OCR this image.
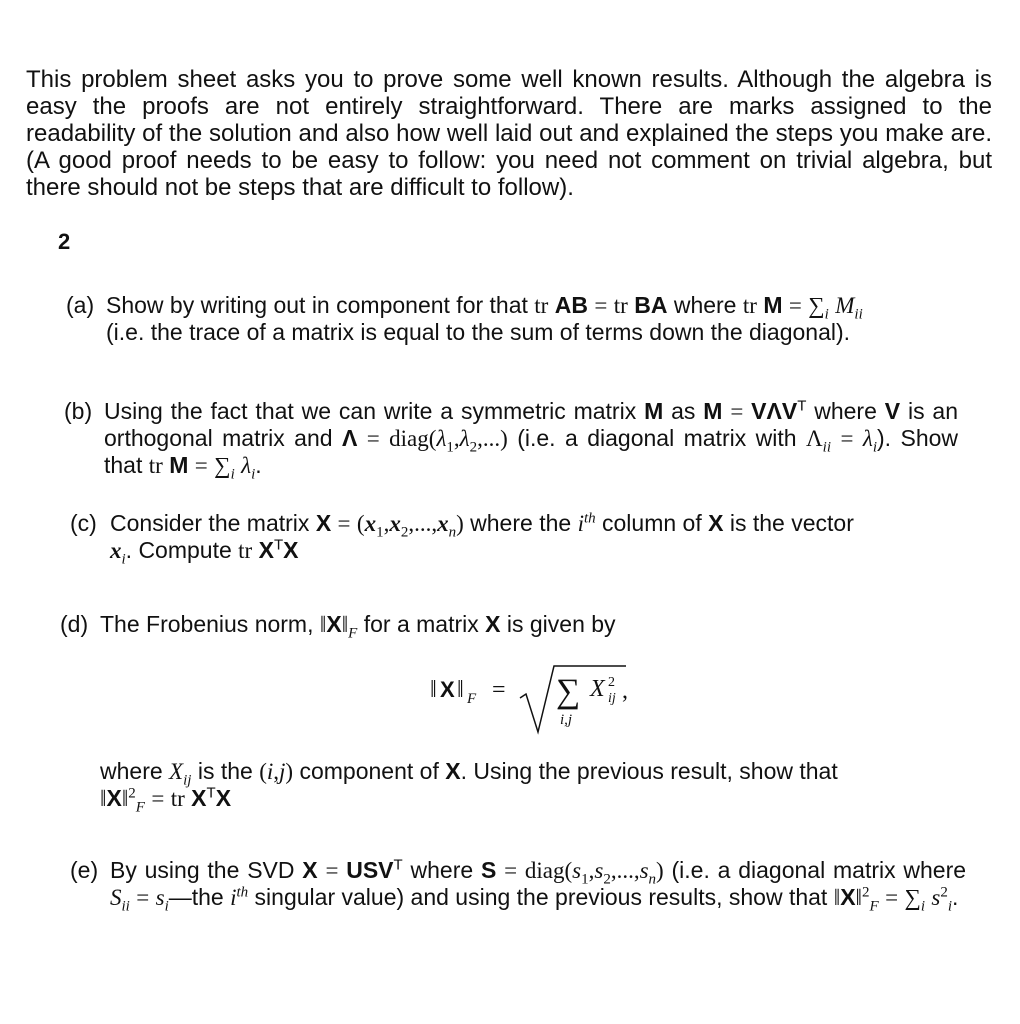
This problem sheet asks you to prove some well known results. Although the algebra is easy the proofs are not entirely straightforward. There are marks assigned to the readability of the solution and also how well laid out and explained the steps you make are. (A good proof needs to be easy to follow: you need not comment on trivial algebra, but there should not be steps that are difficult to follow).
2
(a) Show by writing out in component for that tr AB = tr BA where tr $M = \sum_i$ $M_{ii}$
(i.e. the trace of a matrix is equal to the sum of terms down the diagonal).
(b) Using the fact that we can write a symmetric matrix M as $M = V\Lambda V^T$ where V is an orthogonal matrix and $\Lambda = diag(\lambda_1,\lambda_2,...)$ (i.e. a diagonal matrix with $\Lambda_{ii} = \lambda_i$). Show that tr $M = \sum_i$ $\lambda_i$.
(c) Consider the matrix $X = (x_1,x_2,...,x_n)$ where the $i^{th}$ column of X is the vector
$x_i$. Compute tr $X^TX$
(d) The Frobenius norm, $‖X‖_F$ for a matrix X is given by
‖ X ‖ F = ∑
i,j
X 2
ij ,
where $X_{ij}$ is the (i,j) component of X. Using the previous result, show that
‖X‖$^2_F$ = tr $X^TX$
(e) By using the SVD $X = USV^T$ where $S = diag(s_1,s_2,...,s_n)$ (i.e. a diagonal matrix where $S_{ii}$ = $s_i—the$ $i^{th}$ singular value) and using the previous results, show that ‖X‖$^2_F$ = $\sum_i$ $s^2_i$.
